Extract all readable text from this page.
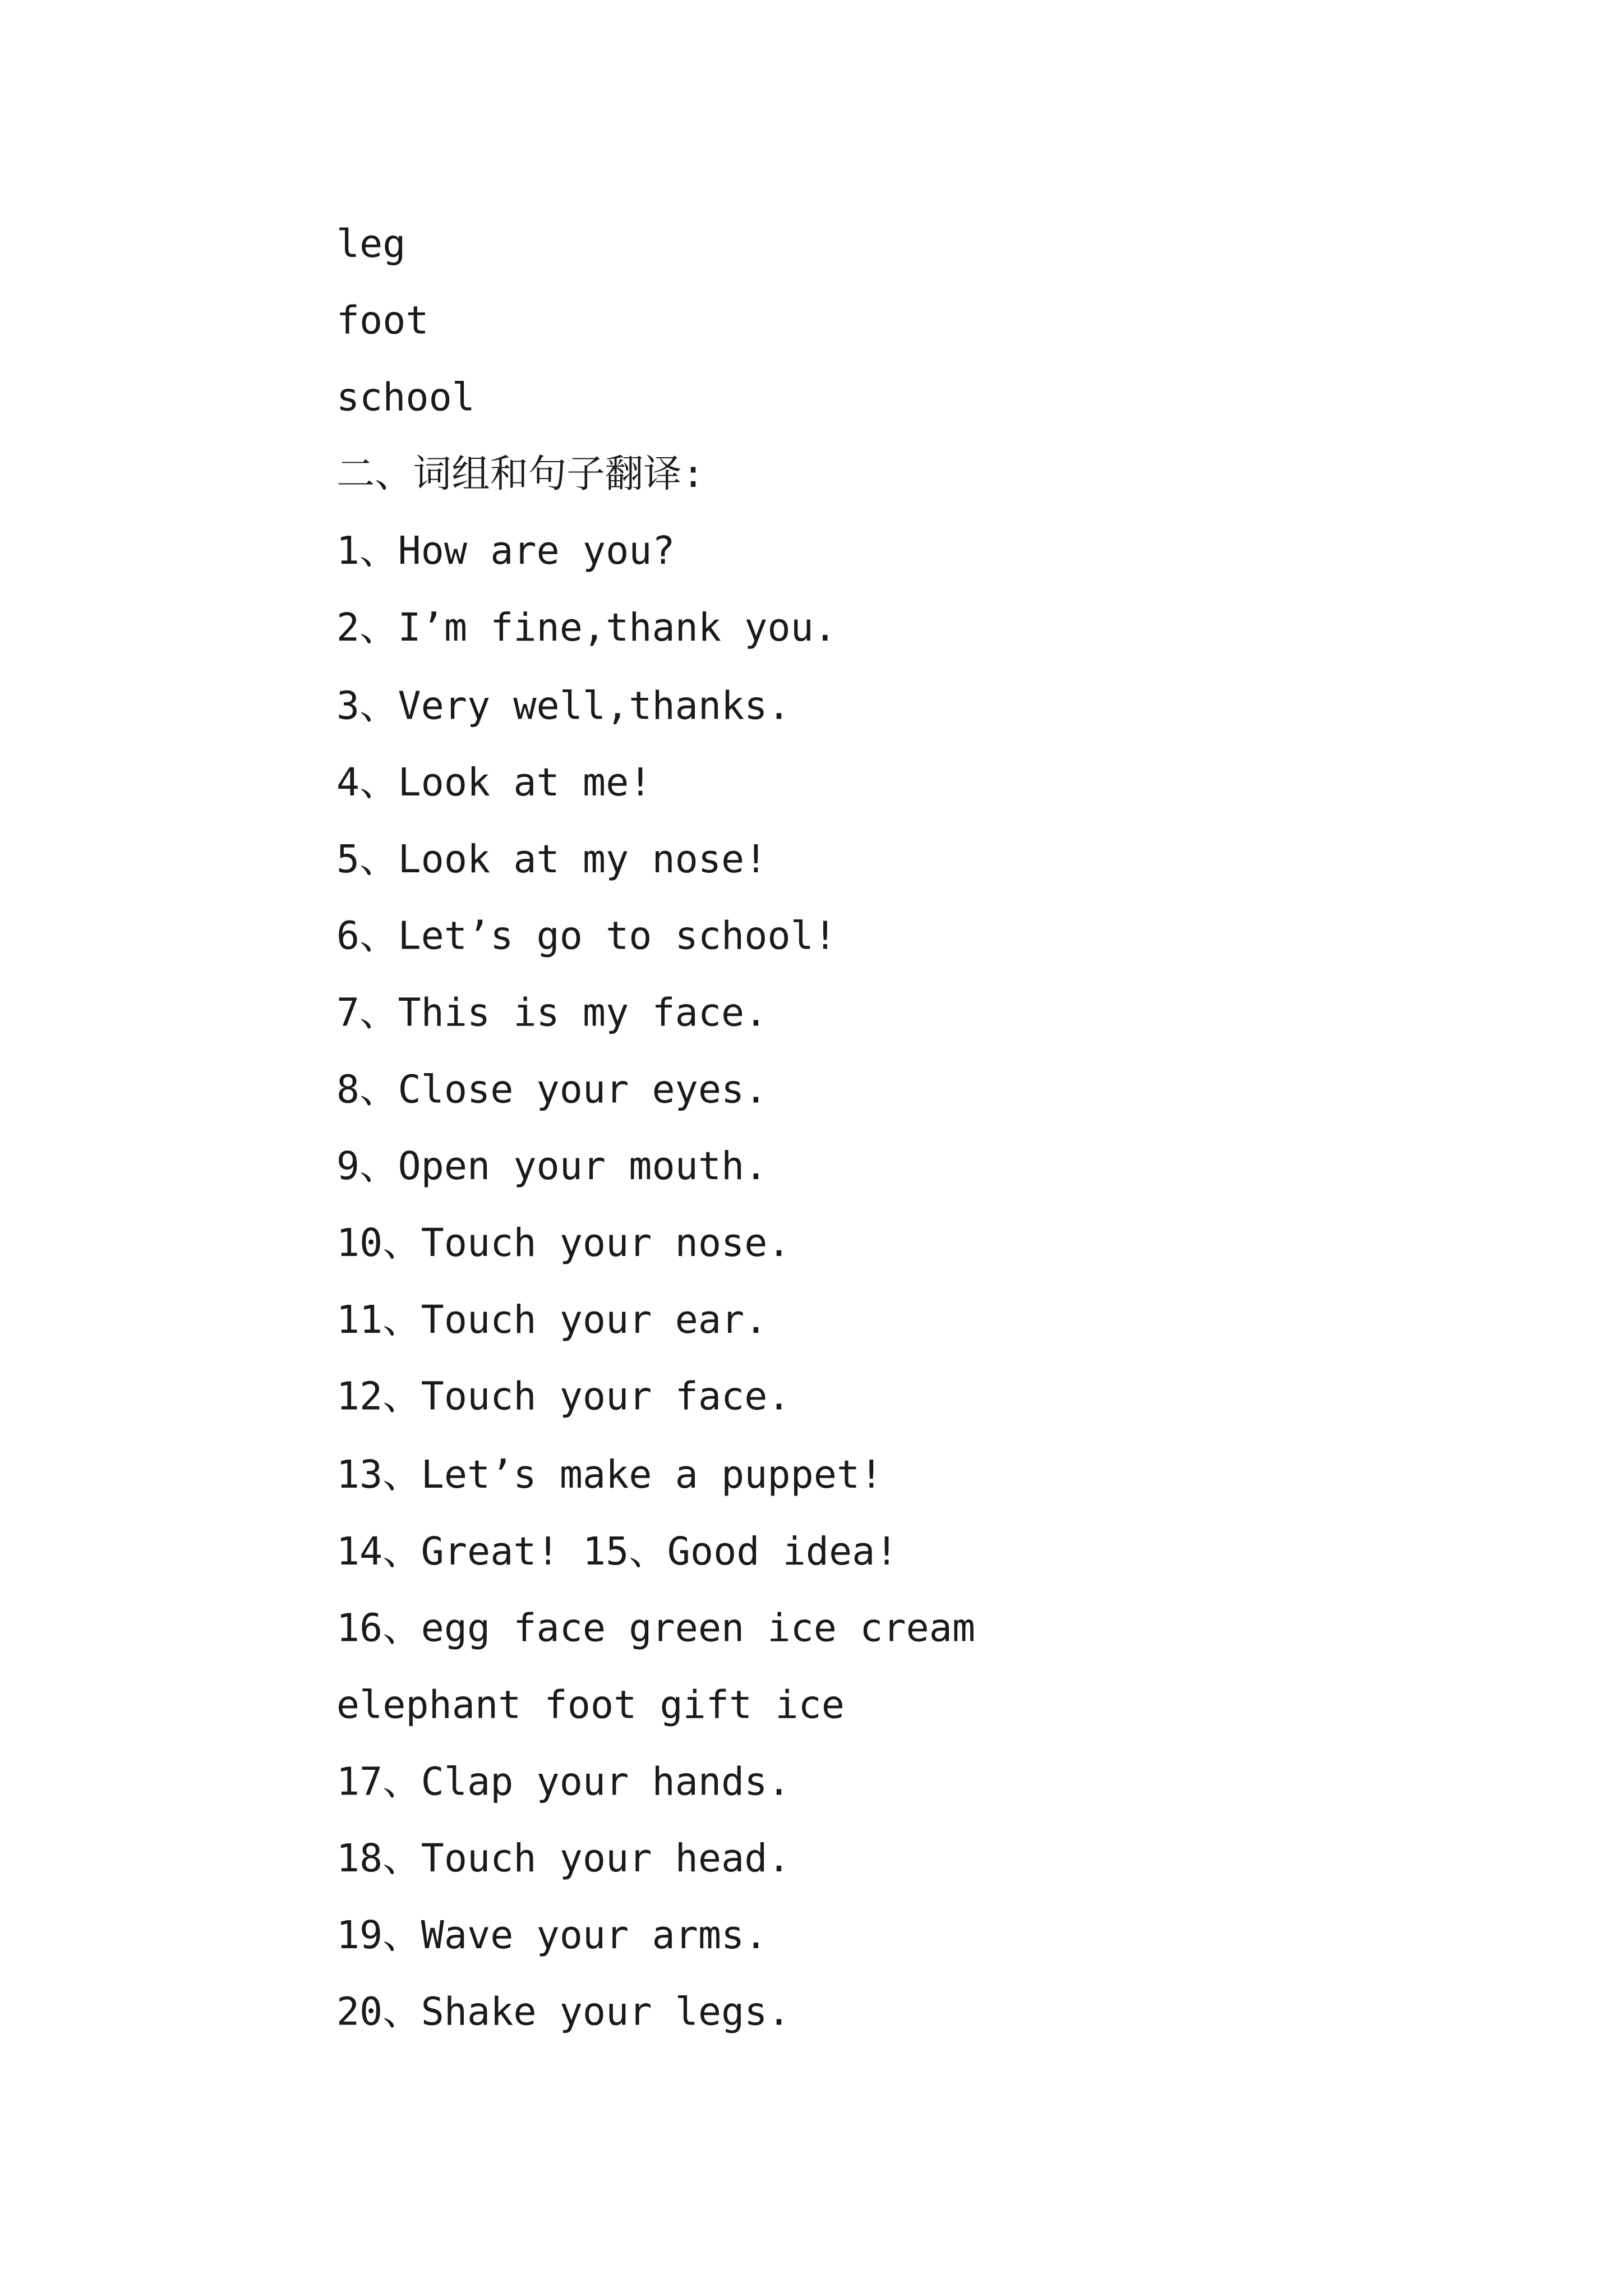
leg
foot
school
二、词组和句子翻译:
1、How are you?
2、I’m fine,thank you.
3、Very well,thanks.
4、Look at me!
5、Look at my nose!
6、Let’s go to school!
7、This is my face.
8、Close your eyes.
9、Open your mouth.
10、Touch your nose.
11、Touch your ear.
12、Touch your face.
13、Let’s make a puppet!
14、Great! 15、Good idea!
16、egg face green ice cream
elephant foot gift ice
17、Clap your hands.
18、Touch your head.
19、Wave your arms.
20、Shake your legs.
